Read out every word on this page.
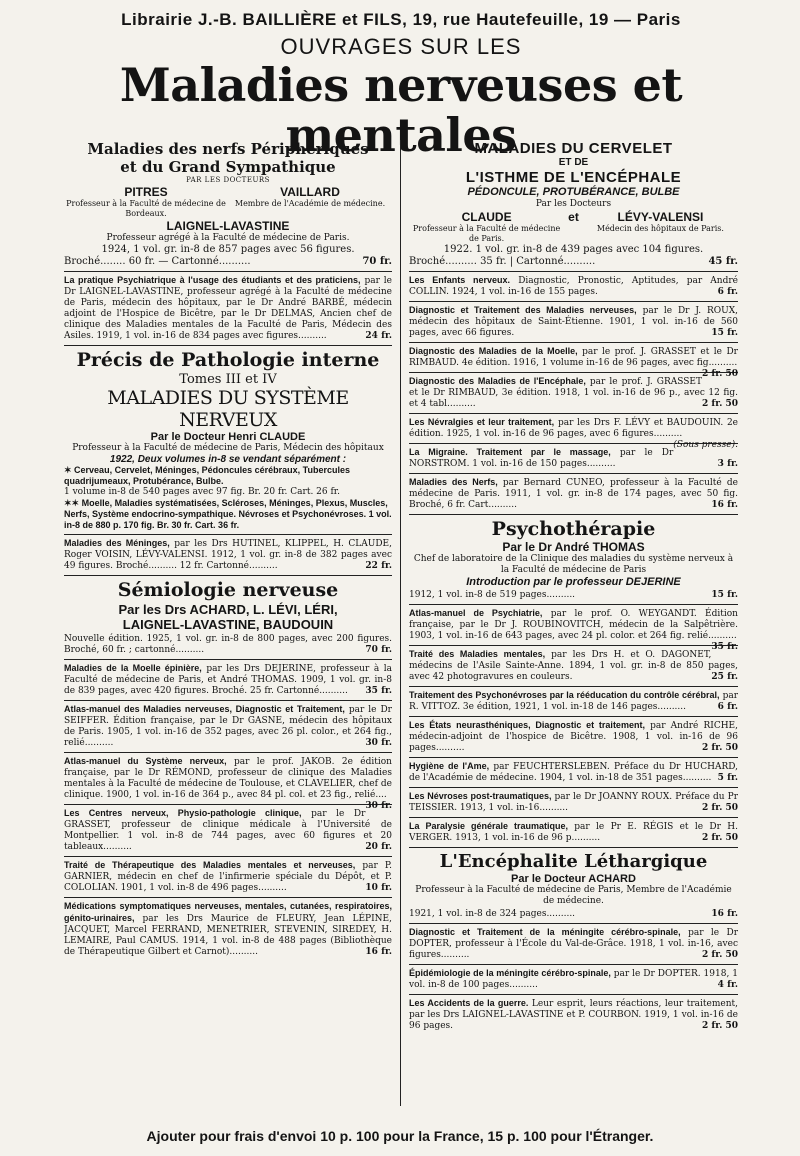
Librairie J.-B. BAILLIÈRE et FILS, 19, rue Hautefeuille, 19 — Paris
OUVRAGES SUR LES
Maladies nerveuses et mentales
Maladies des nerfs Périphériques
et du Grand Sympathique
PAR LES DOCTEURS
PITRES
Professeur à la Faculté de médecine de Bordeaux.
VAILLARD
Membre de l'Académie de médecine.
LAIGNEL-LAVASTINE
Professeur agrégé à la Faculté de médecine de Paris.
1924, 1 vol. gr. in-8 de 857 pages avec 56 figures.
Broché........ 60 fr. — Cartonné..........	70 fr.
La pratique Psychiatrique à l'usage des étudiants et des praticiens, par le Dr LAIGNEL-LAVASTINE, professeur agrégé à la Faculté de médecine de Paris, médecin des hôpitaux, par le Dr André BARBÉ, médecin adjoint de l'Hospice de Bicêtre, par le Dr DELMAS, Ancien chef de clinique des Maladies mentales de la Faculté de Paris, Médecin des Asiles. 1919, 1 vol. in-16 de 834 pages avec figures..........	24 fr.
Précis de Pathologie interne
Tomes III et IV
MALADIES DU SYSTÈME NERVEUX
Par le Docteur Henri CLAUDE
Professeur à la Faculté de médecine de Paris, Médecin des hôpitaux
1922, Deux volumes in-8 se vendant séparément :
✶ Cerveau, Cervelet, Méninges, Pédoncules cérébraux, Tubercules quadrijumeaux, Protubérance, Bulbe.
1 volume in-8 de 540 pages avec 97 fig. Br. 20 fr. Cart. 26 fr.
✶✶ Moelle, Maladies systématisées, Scléroses, Méninges, Plexus, Muscles, Nerfs, Système endocrino-sympathique. Névroses et Psychonévroses. 1 vol. in-8 de 880 p. 170 fig. Br. 30 fr. Cart. 36 fr.
Maladies des Méninges, par les Drs HUTINEL, KLIPPEL, H. CLAUDE, Roger VOISIN, LÉVY-VALENSI. 1912, 1 vol. gr. in-8 de 382 pages avec 49 figures. Broché.......... 12 fr. Cartonné..........	22 fr.
Sémiologie nerveuse
Par les Drs ACHARD, L. LÉVI, LÉRI,
LAIGNEL-LAVASTINE, BAUDOUIN
Nouvelle édition. 1925, 1 vol. gr. in-8 de 800 pages, avec 200 figures. Broché, 60 fr. ; cartonné..........	70 fr.
Maladies de la Moelle épinière, par les Drs DEJERINE, professeur à la Faculté de médecine de Paris, et André THOMAS. 1909, 1 vol. gr. in-8 de 839 pages, avec 420 figures. Broché. 25 fr. Cartonné.......... 35 fr.
Atlas-manuel des Maladies nerveuses, Diagnostic et Traitement, par le Dr SEIFFER. Édition française, par le Dr GASNE, médecin des hôpitaux de Paris. 1905, 1 vol. in-16 de 352 pages, avec 26 pl. color., et 264 fig., relié..........	30 fr.
Atlas-manuel du Système nerveux, par le prof. JAKOB. 2e édition française, par le Dr RÉMOND, professeur de clinique des Maladies mentales à la Faculté de médecine de Toulouse, et CLAVELIER, chef de clinique. 1900, 1 vol. in-16 de 364 p., avec 84 pl. col. et 23 fig., relié....
30 fr.
Les Centres nerveux, Physio-pathologie clinique, par le Dr GRASSET, professeur de clinique médicale à l'Université de Montpellier. 1 vol. in-8 de 744 pages, avec 60 figures et 20 tableaux..........	20 fr.
Traité de Thérapeutique des Maladies mentales et nerveuses, par P. GARNIER, médecin en chef de l'infirmerie spéciale du Dépôt, et P. COLOLIAN. 1901, 1 vol. in-8 de 496 pages..........	10 fr.
Médications symptomatiques nerveuses, mentales, cutanées, respiratoires, génito-urinaires, par les Drs Maurice de FLEURY, Jean LÉPINE, JACQUET, Marcel FERRAND, MENETRIER, STEVENIN, SIREDEY, H. LEMAIRE, Paul CAMUS. 1914, 1 vol. in-8 de 488 pages (Bibliothèque de Thérapeutique Gilbert et Carnot)..........	16 fr.
MALADIES DU CERVELET
ET DE
L'ISTHME DE L'ENCÉPHALE
PÉDONCULE, PROTUBÉRANCE, BULBE
Par les Docteurs
CLAUDE
Professeur à la Faculté de médecine de Paris.
et	LÉVY-VALENSI
Médecin des hôpitaux de Paris.
1922. 1 vol. gr. in-8 de 439 pages avec 104 figures.
Broché.......... 35 fr. | Cartonné..........	45 fr.
Les Enfants nerveux. Diagnostic, Pronostic, Aptitudes, par André COLLIN. 1924, 1 vol. in-16 de 155 pages.	6 fr.
Diagnostic et Traitement des Maladies nerveuses, par le Dr J. ROUX, médecin des hôpitaux de Saint-Étienne. 1901, 1 vol. in-16 de 560 pages, avec 66 figures.	15 fr.
Diagnostic des Maladies de la Moelle, par le prof. J. GRASSET et le Dr RIMBAUD. 4e édition. 1916, 1 volume in-16 de 96 pages, avec fig..........
2 fr. 50
Diagnostic des Maladies de l'Encéphale, par le prof. J. GRASSET et le Dr RIMBAUD, 3e édition. 1918, 1 vol. in-16 de 96 p., avec 12 fig. et 4 tabl..........	2 fr. 50
Les Névralgies et leur traitement, par les Drs F. LÉVY et BAUDOUIN. 2e édition. 1925, 1 vol. in-16 de 96 pages, avec 6 figures..........
(Sous presse).
La Migraine. Traitement par le massage, par le Dr NORSTROM. 1 vol. in-16 de 150 pages..........	3 fr.
Maladies des Nerfs, par Bernard CUNEO, professeur à la Faculté de médecine de Paris. 1911, 1 vol. gr. in-8 de 174 pages, avec 50 fig. Broché, 6 fr. Cart..........	16 fr.
Psychothérapie
Par le Dr André THOMAS
Chef de laboratoire de la Clinique des maladies du système nerveux à la Faculté de médecine de Paris
Introduction par le professeur DEJERINE
1912, 1 vol. in-8 de 519 pages..........	15 fr.
Atlas-manuel de Psychiatrie, par le prof. O. WEYGANDT. Édition française, par le Dr J. ROUBINOVITCH, médecin de la Salpêtrière. 1903, 1 vol. in-16 de 643 pages, avec 24 pl. color. et 264 fig. relié..........
35 fr.
Traité des Maladies mentales, par les Drs H. et O. DAGONET, médecins de l'Asile Sainte-Anne. 1894, 1 vol. gr. in-8 de 850 pages, avec 42 photogravures en couleurs.	25 fr.
Traitement des Psychonévroses par la rééducation du contrôle cérébral, par R. VITTOZ. 3e édition, 1921, 1 vol. in-18 de 146 pages..........	6 fr.
Les États neurasthéniques, Diagnostic et traitement, par André RICHE, médecin-adjoint de l'hospice de Bicêtre. 1908, 1 vol. in-16 de 96 pages..........	2 fr. 50
Hygiène de l'Ame, par FEUCHTERSLEBEN. Préface du Dr HUCHARD, de l'Académie de médecine. 1904, 1 vol. in-18 de 351 pages.......... 5 fr.
Les Névroses post-traumatiques, par le Dr JOANNY ROUX. Préface du Pr TEISSIER. 1913, 1 vol. in-16..........	2 fr. 50
La Paralysie générale traumatique, par le Pr E. RÉGIS et le Dr H. VERGER. 1913, 1 vol. in-16 de 96 p..........	2 fr. 50
L'Encéphalite Léthargique
Par le Docteur ACHARD
Professeur à la Faculté de médecine de Paris, Membre de l'Académie de médecine.
1921, 1 vol. in-8 de 324 pages..........	16 fr.
Diagnostic et Traitement de la méningite cérébro-spinale, par le Dr DOPTER, professeur à l'École du Val-de-Grâce. 1918, 1 vol. in-16, avec figures..........	2 fr. 50
Épidémiologie de la méningite cérébro-spinale, par le Dr DOPTER. 1918, 1 vol. in-8 de 100 pages..........	4 fr.
Les Accidents de la guerre. Leur esprit, leurs réactions, leur traitement, par les Drs LAIGNEL-LAVASTINE et P. COURBON. 1919, 1 vol. in-16 de 96 pages.	2 fr. 50
Ajouter pour frais d'envoi 10 p. 100 pour la France, 15 p. 100 pour l'Étranger.
